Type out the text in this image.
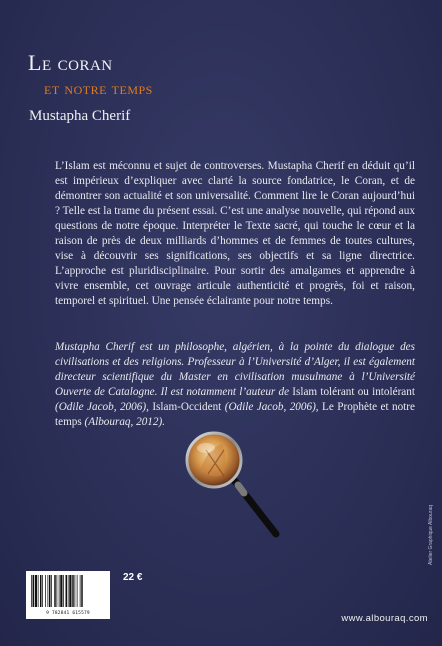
Le coran
et notre temps
Mustapha Cherif

L’Islam est méconnu et sujet de controverses. Mustapha Cherif en déduit qu’il est impérieux d’expliquer avec clarté la source fondatrice, le Coran, et de démontrer son actualité et son universalité. Comment lire le Coran aujourd’hui ? Telle est la trame du présent essai. C’est une analyse nouvelle, qui répond aux questions de notre époque. Interpréter le Texte sacré, qui touche le cœur et la raison de près de deux milliards d’hommes et de femmes de toutes cultures, vise à découvrir ses significations, ses objectifs et sa ligne directrice. L’approche est pluridisciplinaire. Pour sortir des amalgames et apprendre à vivre ensemble, cet ouvrage articule authenticité et progrès, foi et raison, temporel et spirituel. Une pensée éclairante pour notre temps.

Mustapha Cherif est un philosophe, algérien, à la pointe du dialogue des civilisations et des religions. Professeur à l’Université d’Alger, il est également directeur scientifique du Master en civilisation musulmane à l’Université Ouverte de Catalogne. Il est notamment l’auteur de Islam tolérant ou intolérant (Odile Jacob, 2006), Islam-Occident (Odile Jacob, 2006), Le Prophète et notre temps (Albouraq, 2012).

Atelier Graphique Albouraq
9 782841 615579
22 €
www.albouraq.com
